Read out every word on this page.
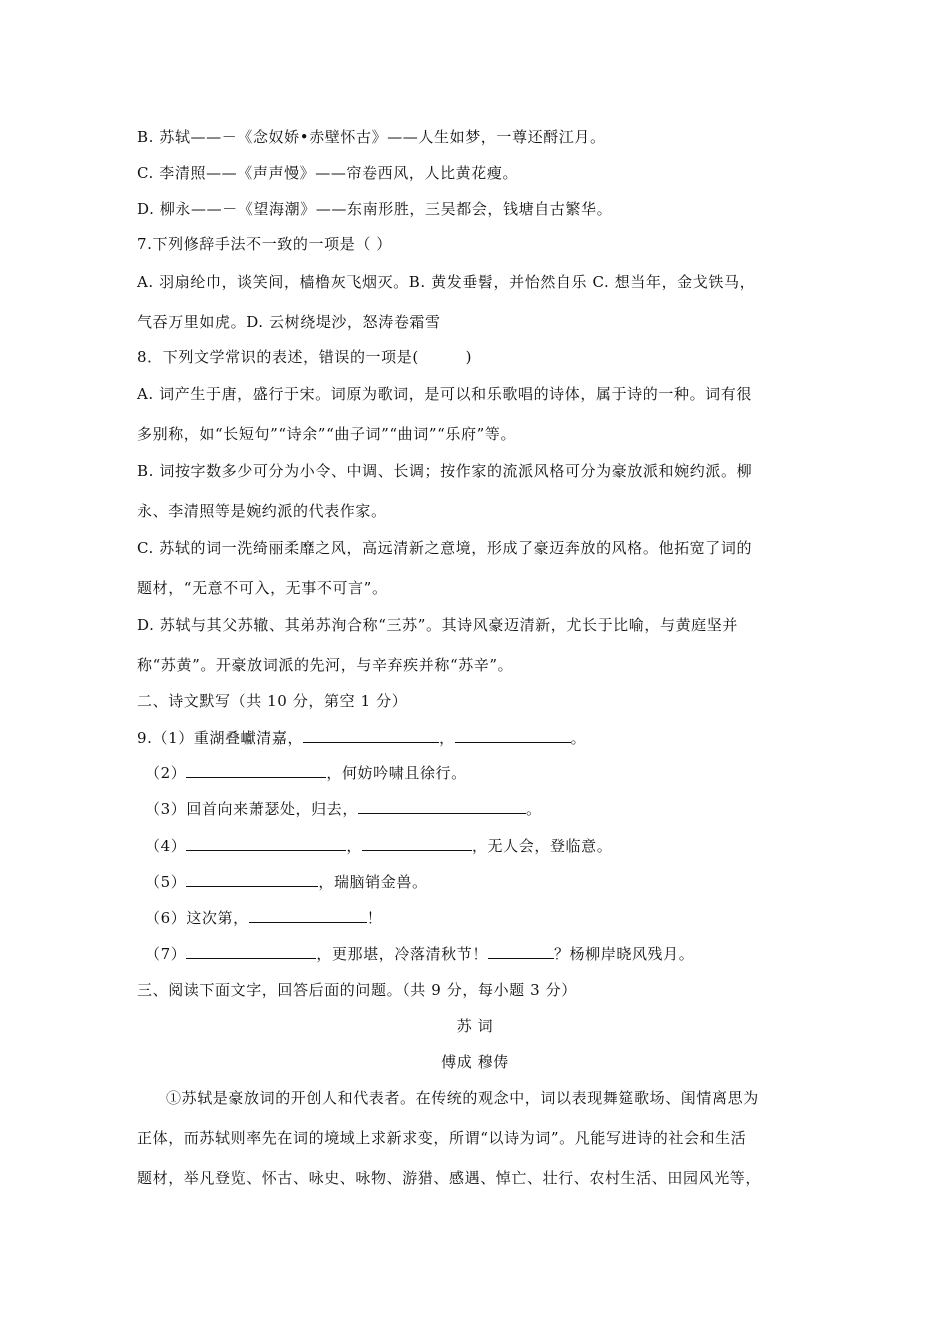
B. 苏轼——－《念奴娇•赤壁怀古》——人生如梦，一尊还酹江月。
C. 李清照——《声声慢》——帘卷西风，人比黄花瘦。
D. 柳永——－《望海潮》——东南形胜，三吴都会，钱塘自古繁华。
7.下列修辞手法不一致的一项是（ ）
A. 羽扇纶巾，谈笑间，樯橹灰飞烟灭。B. 黄发垂髫，并怡然自乐 C. 想当年，金戈铁马，
气吞万里如虎。D. 云树绕堤沙，怒涛卷霜雪
8．下列文学常识的表述，错误的一项是(　　　)
A. 词产生于唐，盛行于宋。词原为歌词，是可以和乐歌唱的诗体，属于诗的一种。词有很
多别称，如“长短句”“诗余”“曲子词”“曲词”“乐府”等。
B. 词按字数多少可分为小令、中调、长调；按作家的流派风格可分为豪放派和婉约派。柳
永、李清照等是婉约派的代表作家。
C. 苏轼的词一洗绮丽柔靡之风，高远清新之意境，形成了豪迈奔放的风格。他拓宽了词的
题材，“无意不可入，无事不可言”。
D. 苏轼与其父苏辙、其弟苏洵合称“三苏”。其诗风豪迈清新，尤长于比喻，与黄庭坚并
称“苏黄”。开豪放词派的先河，与辛弃疾并称“苏辛”。
二、诗文默写（共 10 分，第空 1 分）
9.（1）重湖叠巘清嘉，	，	。
（2）	，何妨吟啸且徐行。
（3）回首向来萧瑟处，归去，	。
（4）	，	，无人会，登临意。
（5）	，瑞脑销金兽。
（6）这次第，	！
（7）	，更那堪，冷落清秋节！	？杨柳岸晓风残月。
三、阅读下面文字，回答后面的问题。（共 9 分，每小题 3 分）
苏 词
傅成 穆俦
①苏轼是豪放词的开创人和代表者。在传统的观念中，词以表现舞筵歌场、闺情离思为
正体，而苏轼则率先在词的境域上求新求变，所谓“以诗为词”。凡能写进诗的社会和生活
题材，举凡登览、怀古、咏史、咏物、游猎、感遇、悼亡、壮行、农村生活、田园风光等，
